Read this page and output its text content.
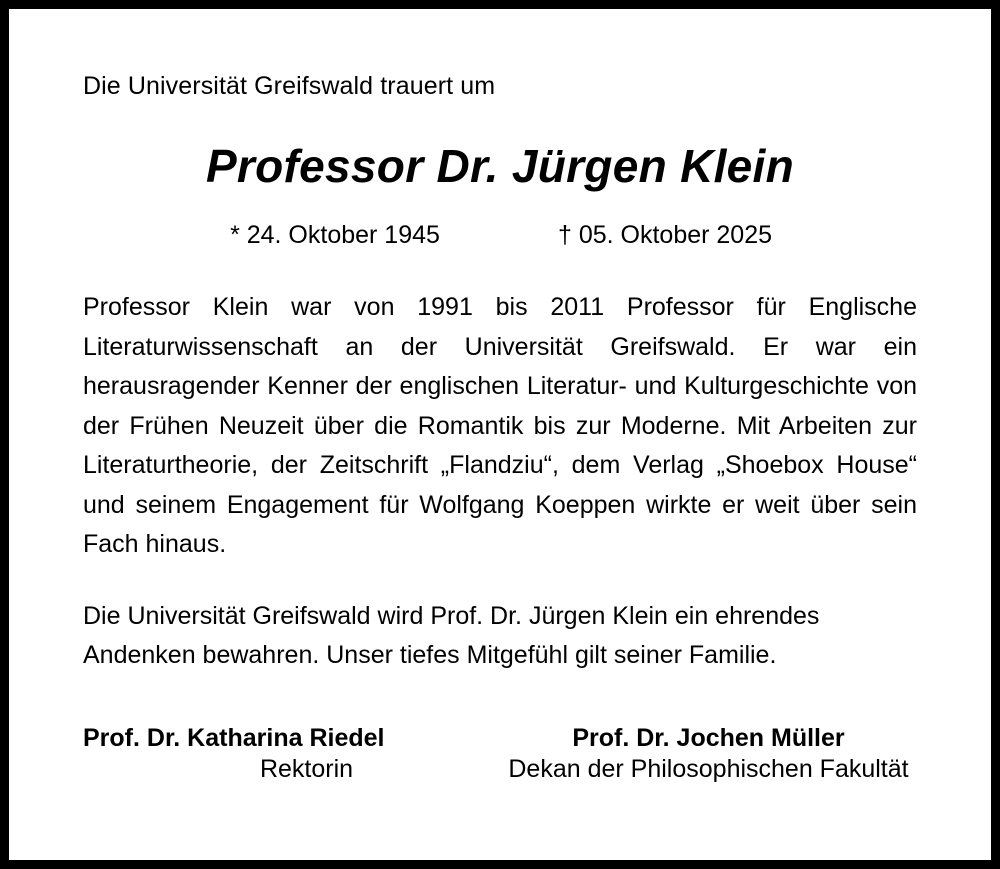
Die Universität Greifswald trauert um

Professor Dr. Jürgen Klein
* 24. Oktober 1945	† 05. Oktober 2025

Professor Klein war von 1991 bis 2011 Professor für Englische Literaturwissenschaft an der Universität Greifswald. Er war ein herausragender Kenner der englischen Literatur- und Kulturgeschichte von der Frühen Neuzeit über die Romantik bis zur Moderne. Mit Arbeiten zur Literaturtheorie, der Zeitschrift „Flandziu“, dem Verlag „Shoebox House“ und seinem Engagement für Wolfgang Koeppen wirkte er weit über sein Fach hinaus.

Die Universität Greifswald wird Prof. Dr. Jürgen Klein ein ehrendes Andenken bewahren. Unser tiefes Mitgefühl gilt seiner Familie.

Prof. Dr. Katharina Riedel

Rektorin

Prof. Dr. Jochen Müller

Dekan der Philosophischen Fakultät
